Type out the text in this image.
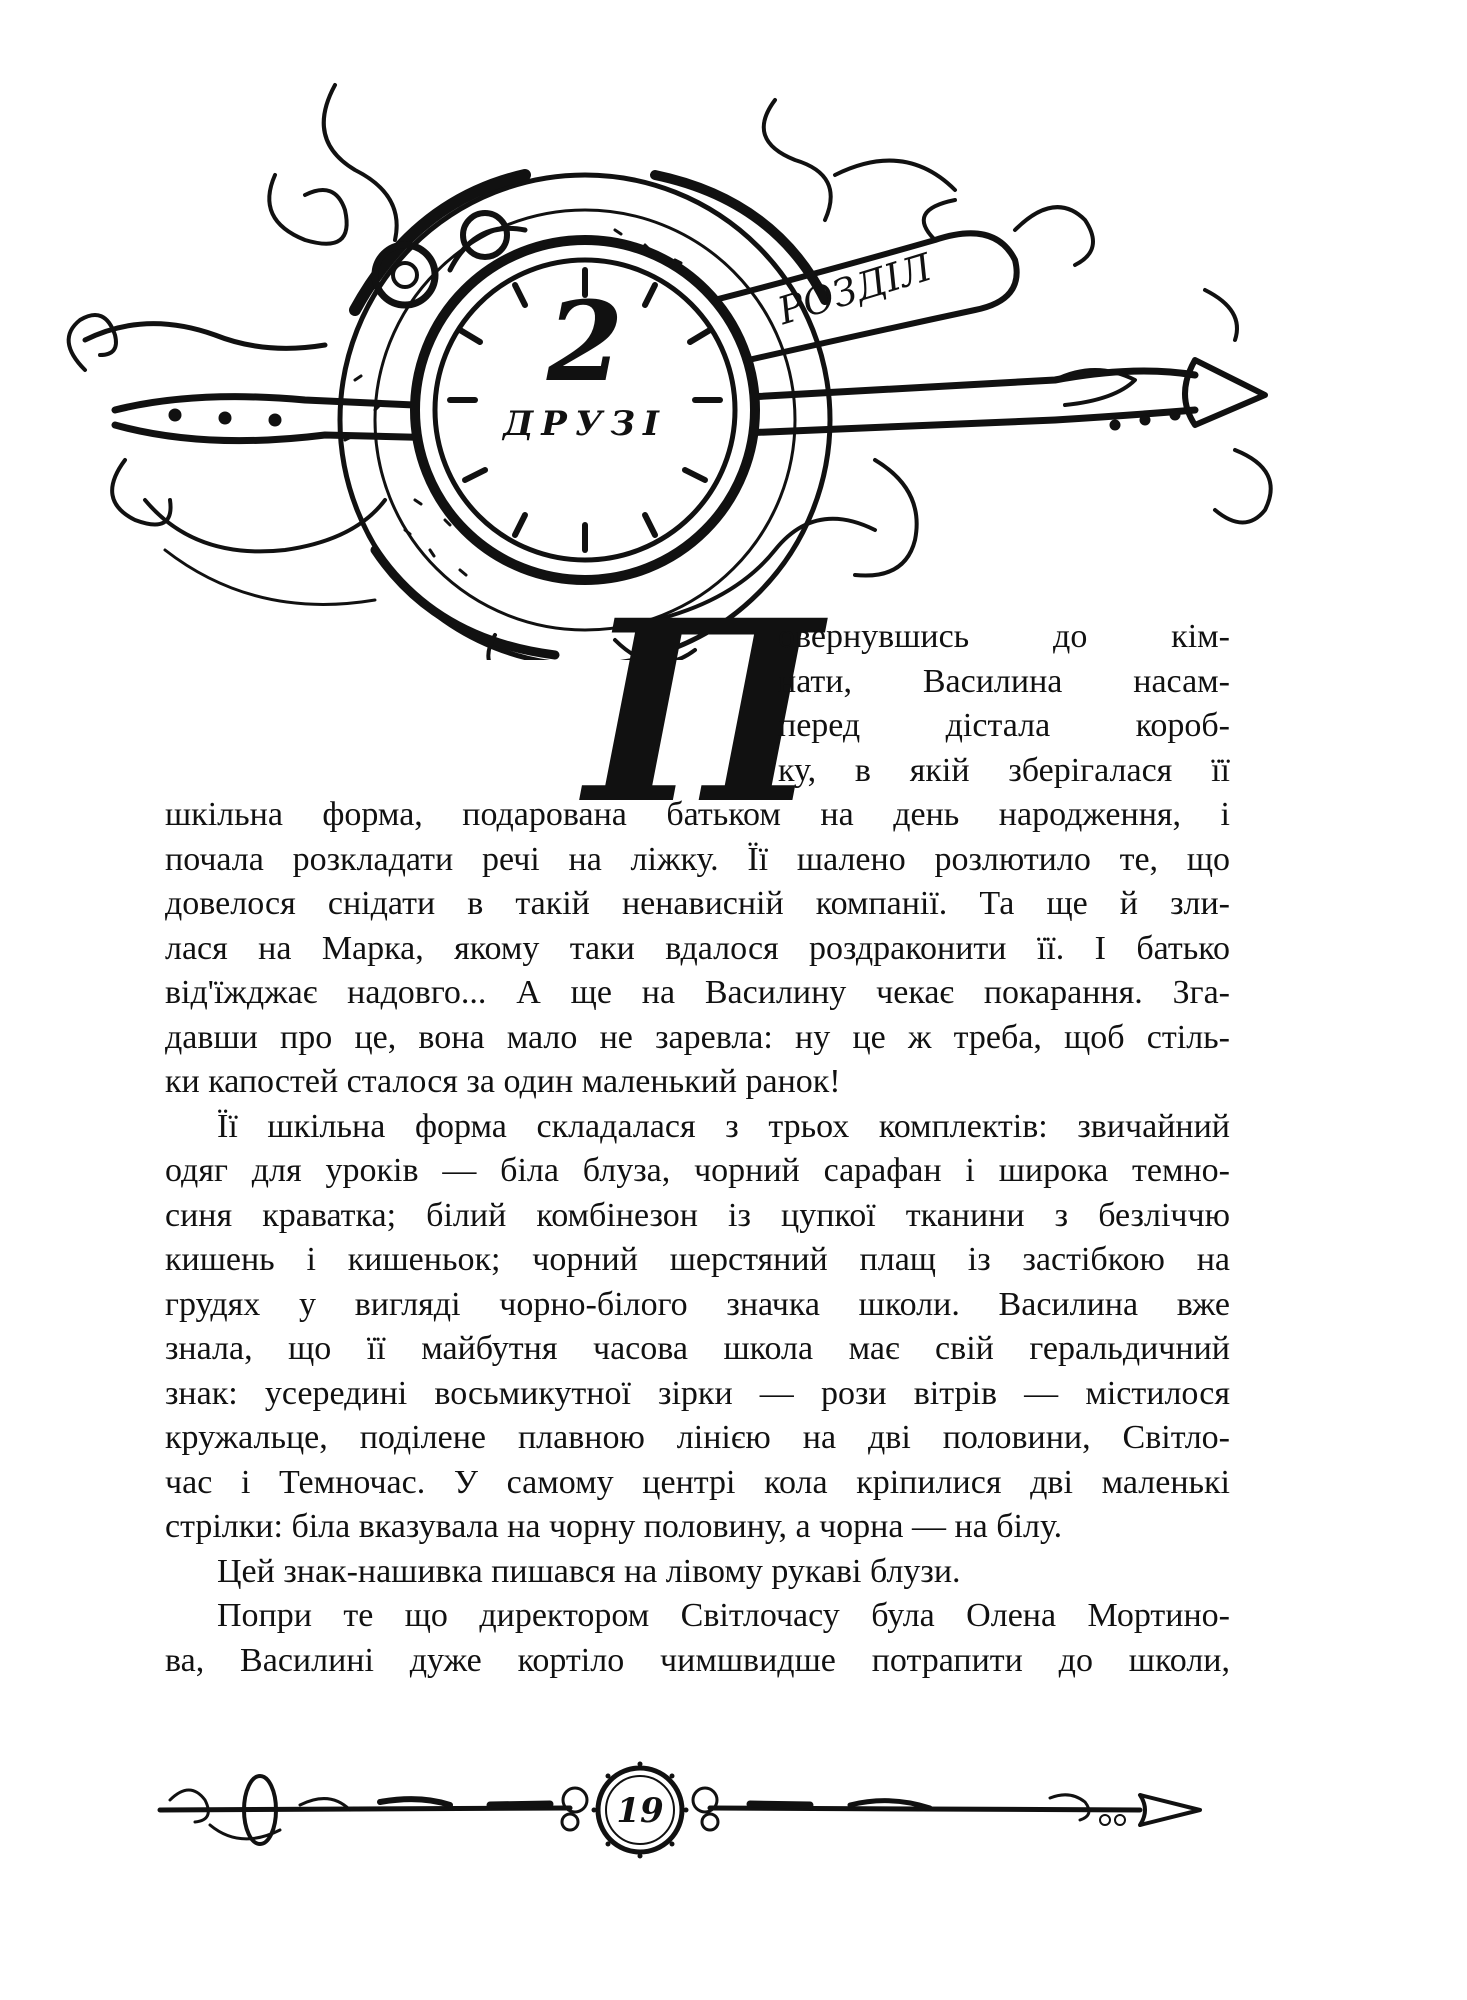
2
ДРУЗІ
РОЗДІЛ
П
овернувшись до кім-
нати, Василина насам-
перед дістала короб-
ку, в якій зберігалася її
шкільна форма, подарована батьком на день народження, і
почала розкладати речі на ліжку. Її шалено розлютило те, що
довелося снідати в такій ненависній компанії. Та ще й зли-
лася на Марка, якому таки вдалося роздраконити її. І батько
від'їжджає надовго... А ще на Василину чекає покарання. Зга-
давши про це, вона мало не заревла: ну це ж треба, щоб стіль-
ки капостей сталося за один маленький ранок!
Її шкільна форма складалася з трьох комплектів: звичайний
одяг для уроків — біла блуза, чорний сарафан і широка темно-
синя краватка; білий комбінезон із цупкої тканини з безліччю
кишень і кишеньок; чорний шерстяний плащ із застібкою на
грудях у вигляді чорно-білого значка школи. Василина вже
знала, що її майбутня часова школа має свій геральдичний
знак: усередині восьмикутної зірки — рози вітрів — містилося
кружальце, поділене плавною лінією на дві половини, Світло-
час і Темночас. У самому центрі кола кріпилися дві маленькі
стрілки: біла вказувала на чорну половину, а чорна — на білу.
Цей знак-нашивка пишався на лівому рукаві блузи.
Попри те що директором Світлочасу була Олена Мортино-
ва, Василині дуже кортіло чимшвидше потрапити до школи,
19
